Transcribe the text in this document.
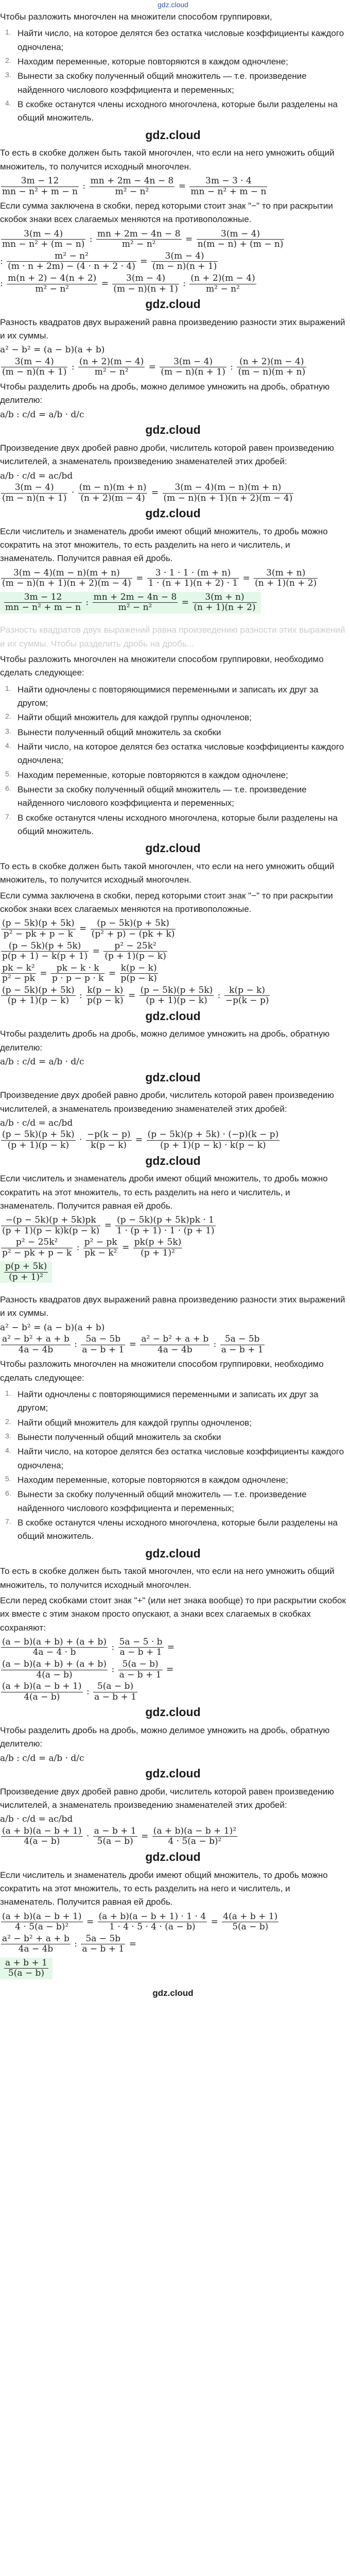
gdz.cloud

Чтобы разложить многочлен на множители способом группировки,

Найти число, на которое делятся без остатка числовые коэффициенты каждого одночлена;
Находим переменные, которые повторяются в каждом одночлене;
Вынести за скобку полученный общий множитель — т.е. произведение найденного числового коэффициента и переменных;
В скобке останутся члены исходного многочлена, которые были разделены на общий множитель.
gdz.cloud

То есть в скобке должен быть такой многочлен, что если на него умножить общий множитель, то получится исходный многочлен.

$\frac{3m - 12}{\text{mn − n² + m − n}}$ : $\frac{mn + 2m - 4n - 8}{\text{m² − n²}} = \frac{3m - 3 \cdot 4}{\text{mn − n² + m − n}}$

Если сумма заключена в скобки, перед которыми стоит знак "−" то при раскрытии скобок знаки всех слагаемых меняются на противоположные.

$\frac{3(m - 4)}{\text{mn − n² + (m − n)}}$ : $\frac{mn + 2m - 4n - 8}{\text{m² − n²}} = \frac{3(m - 4)}{n(m - n) + (m - n)}$
: $\frac{\text{m² − n²}}{(m \cdot n + 2m) - (4 \cdot n + 2 \cdot 4)} = \frac{3(m - 4)}{(m - n)(n + 1)}$
: $\frac{m(n + 2) - 4(n + 2)}{\text{m² − n²}} = \frac{3(m - 4)}{(m - n)(n + 1)}$ : $\frac{(n + 2)(m - 4)}{\text{m² − n²}}$
gdz.cloud

Разность квадратов двух выражений равна произведению разности этих выражений и их суммы.

a² − b² = (a − b)(a + b)
$\frac{3(m - 4)}{(m - n)(n + 1)}$ : $\frac{(n + 2)(m - 4)}{\text{m² − n²}} = \frac{3(m - 4)}{(m - n)(n + 1)}$ : $\frac{(n + 2)(m - 4)}{(m - n)(m + n)}$

Чтобы разделить дробь на дробь, можно делимое умножить на дробь, обратную делителю:

a/b : c/d = a/b · d/c
gdz.cloud

Произведение двух дробей равно дроби, числитель которой равен произведению числителей, а знаменатель произведению знаменателей этих дробей:

a/b · c/d = ac/bd
$\frac{3(m - 4)}{(m - n)(n + 1)} \cdot \frac{(m - n)(m + n)}{(n + 2)(m - 4)} = \frac{3(m - 4)(m - n)(m + n)}{(m - n)(n + 1)(n + 2)(m - 4)}$
gdz.cloud

Если числитель и знаменатель дроби имеют общий множитель, то дробь можно сократить на этот множитель, то есть разделить на него и числитель, и знаменатель. Получится равная ей дробь.

$\frac{3(m - 4)(m - n)(m + n)}{(m - n)(n + 1)(n + 2)(m - 4)} = \frac{3 \cdot 1 \cdot 1 \cdot (m + n)}{1 \cdot (n + 1)(n + 2) \cdot 1} = \frac{3(m + n)}{(n + 1)(n + 2)}$
$\frac{3m - 12}{\text{mn − n² + m − n}}$ : $\frac{mn + 2m - 4n - 8}{\text{m² − n²}} = \frac{3(m + n)}{(n + 1)(n + 2)}$

Разность квадратов двух выражений равна произведению разности этих выражений и их суммы. Чтобы разделить дробь на дробь...

Чтобы разложить многочлен на множители способом группировки, необходимо сделать следующее:

Найти одночлены с повторяющимися переменными и записать их друг за другом;
Найти общий множитель для каждой группы одночленов;
Вынести полученный общий множитель за скобки
Найти число, на которое делятся без остатка числовые коэффициенты каждого одночлена;
Находим переменные, которые повторяются в каждом одночлене;
Вынести за скобку полученный общий множитель — т.е. произведение найденного числового коэффициента и переменных;
В скобке останутся члены исходного многочлена, которые были разделены на общий множитель.
gdz.cloud

То есть в скобке должен быть такой многочлен, что если на него умножить общий множитель, то получится исходный многочлен.

Если сумма заключена в скобки, перед которыми стоит знак "−" то при раскрытии скобок знаки всех слагаемых меняются на противоположные.

$\frac{(p - 5k)(p + 5k)}{\text{p² − pk + p − k}} = \frac{(p - 5k)(p + 5k)}{\text{(p² + p) − (pk + k)}}$
$\frac{(p - 5k)(p + 5k)}{p(p + 1) - k(p + 1)} = \frac{\text{p² − 25k²}}{(p + 1)(p - k)}$
$\frac{\text{pk − k²}}{\text{p² − pk}} = \frac{pk - k \cdot k}{p \cdot p - p \cdot k} = \frac{k(p - k)}{p(p - k)}$
$\frac{(p - 5k)(p + 5k)}{(p + 1)(p - k)}$ : $\frac{k(p - k)}{p(p - k)} = \frac{(p - 5k)(p + 5k)}{(p + 1)(p - k)}$ : $\frac{k(p - k)}{-p(k - p)}$
gdz.cloud

Чтобы разделить дробь на дробь, можно делимое умножить на дробь, обратную делителю:

a/b : c/d = a/b · d/c
gdz.cloud

Произведение двух дробей равно дроби, числитель которой равен произведению числителей, а знаменатель произведению знаменателей этих дробей:

a/b · c/d = ac/bd
$\frac{(p - 5k)(p + 5k)}{(p + 1)(p - k)} \cdot \frac{-p(k - p)}{k(p - k)} = \frac{(p - 5k)(p + 5k) \cdot (-p)(k - p)}{(p + 1)(p - k) \cdot k(p - k)}$
gdz.cloud

Если числитель и знаменатель дроби имеют общий множитель, то дробь можно сократить на этот множитель, то есть разделить на него и числитель, и знаменатель. Получится равная ей дробь.

$\frac{-(p - 5k)(p + 5k)pk}{(p + 1)(p - k)k(p - k)} = \frac{(p - 5k)(p + 5k)pk \cdot 1}{1 \cdot (p + 1) \cdot 1 \cdot (p + 1)}$
$\frac{\text{p² − 25k²}}{\text{p² − pk + p − k}}$ : $\frac{\text{p² − pk}}{\text{pk − k²}} = \frac{pk(p + 5k)}{\text{(p + 1)²}}$
$\frac{p(p + 5k)}{\text{(p + 1)²}}$

Разность квадратов двух выражений равна произведению разности этих выражений и их суммы.

a² − b² = (a − b)(a + b)
$\frac{\text{a² − b² + a + b}}{4a - 4b}$ : $\frac{5a - 5b}{a - b + 1} = \frac{\text{a² − b² + a + b}}{4a - 4b}$ : $\frac{5a - 5b}{a - b + 1}$

Чтобы разложить многочлен на множители способом группировки, необходимо сделать следующее:

Найти одночлены с повторяющимися переменными и записать их друг за другом;
Найти общий множитель для каждой группы одночленов;
Вынести полученный общий множитель за скобки
Найти число, на которое делятся без остатка числовые коэффициенты каждого одночлена;
Находим переменные, которые повторяются в каждом одночлене;
Вынести за скобку полученный общий множитель — т.е. произведение найденного числового коэффициента и переменных;
В скобке останутся члены исходного многочлена, которые были разделены на общий множитель.
gdz.cloud

То есть в скобке должен быть такой многочлен, что если на него умножить общий множитель, то получится исходный многочлен.

Если перед скобками стоит знак "+" (или нет знака вообще) то при раскрытии скобок их вместе с этим знаком просто опускают, а знаки всех слагаемых в скобках сохраняют:

$\frac{(a - b)(a + b) + (a + b)}{4a - 4 \cdot b}$ : $\frac{5a - 5 \cdot b}{a - b + 1}$ =
$\frac{(a - b)(a + b) + (a + b)}{4(a - b)}$ : $\frac{5(a - b)}{a - b + 1}$ =
$\frac{(a + b)(a - b + 1)}{4(a - b)}$ : $\frac{5(a - b)}{a - b + 1}$
gdz.cloud

Чтобы разделить дробь на дробь, можно делимое умножить на дробь, обратную делителю:

a/b : c/d = a/b · d/c
gdz.cloud

Произведение двух дробей равно дроби, числитель которой равен произведению числителей, а знаменатель произведению знаменателей этих дробей:

a/b · c/d = ac/bd
$\frac{(a + b)(a - b + 1)}{4(a - b)} \cdot \frac{a - b + 1}{5(a - b)} = \frac{\text{(a + b)(a − b + 1)²}}{\text{4 · 5(a − b)²}}$
gdz.cloud

Если числитель и знаменатель дроби имеют общий множитель, то дробь можно сократить на этот множитель, то есть разделить на него и числитель, и знаменатель. Получится равная ей дробь.

$\frac{(a + b)(a - b + 1)}{\text{4 · 5(a − b)²}} = \frac{(a + b)(a - b + 1) \cdot 1 \cdot 4}{1 \cdot 4 \cdot 5 \cdot 4 \cdot (a - b)} = \frac{4(a + b + 1)}{5(a - b)}$
$\frac{\text{a² − b² + a + b}}{4a - 4b}$ : $\frac{5a - 5b}{a - b + 1}$ =
$\frac{a + b + 1}{5(a - b)}$
gdz.cloud
